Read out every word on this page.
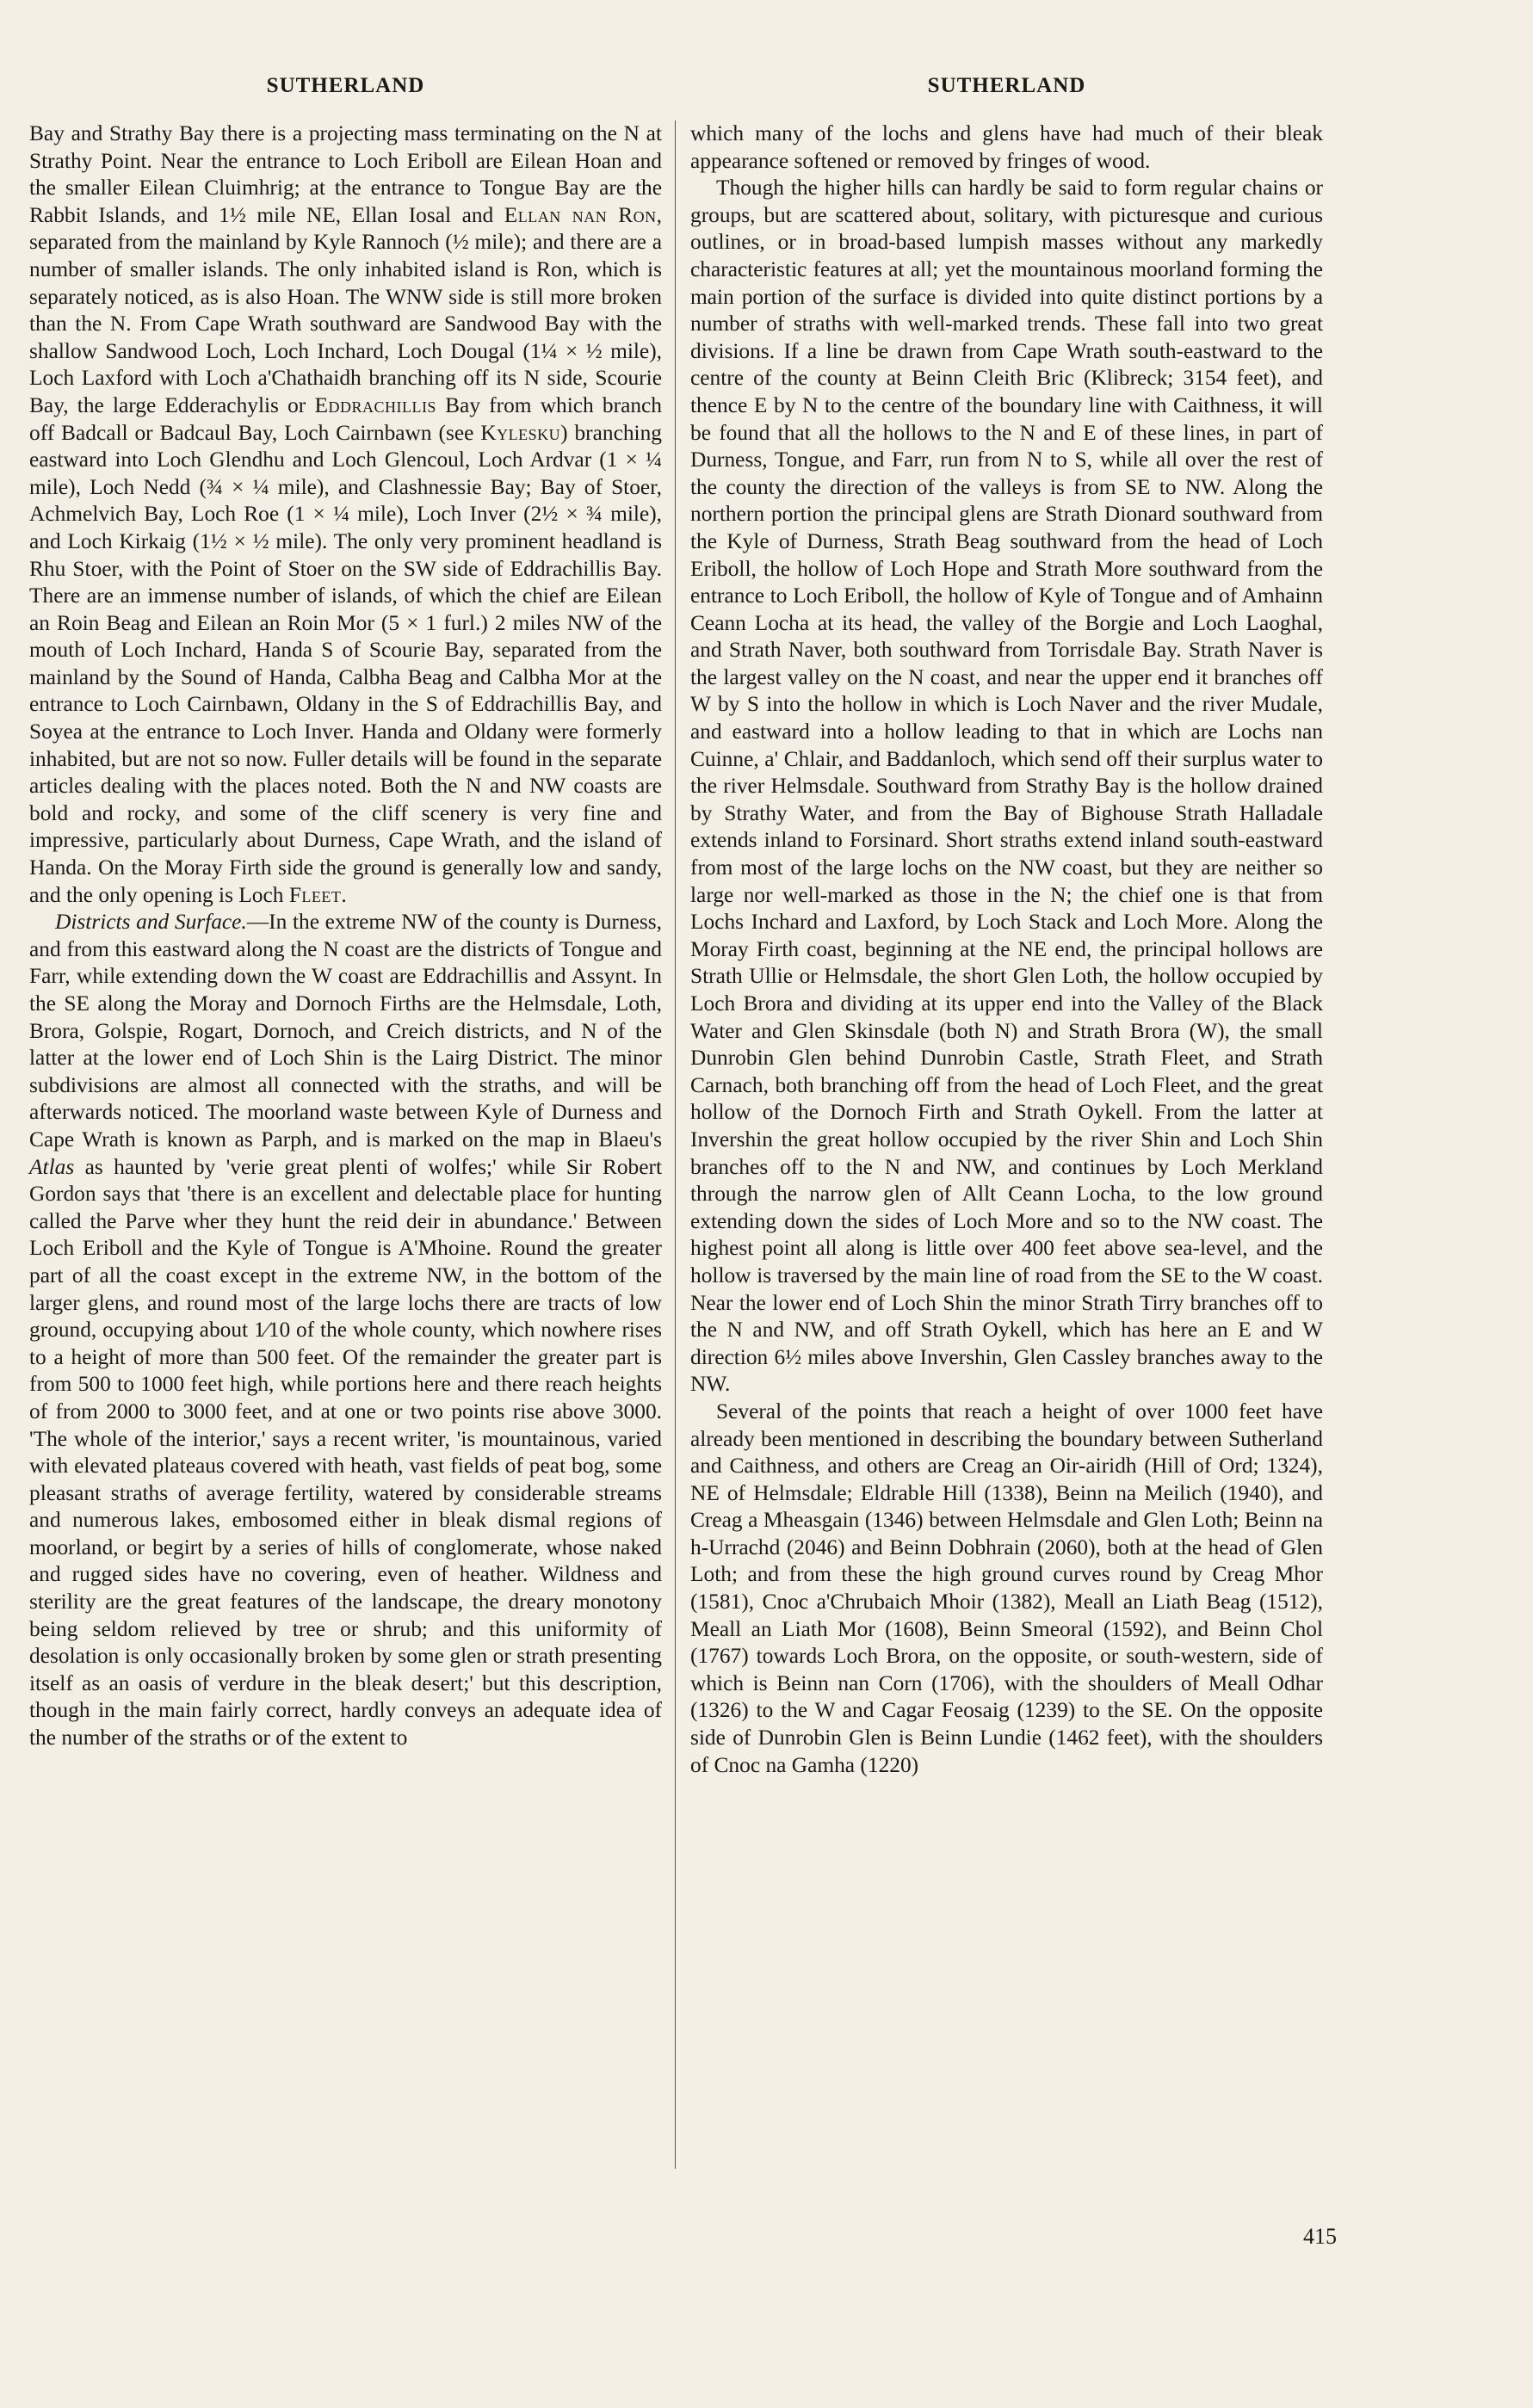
SUTHERLAND	SUTHERLAND

Bay and Strathy Bay there is a projecting mass terminating on the N at Strathy Point. Near the entrance to Loch Eriboll are Eilean Hoan and the smaller Eilean Cluimhrig; at the entrance to Tongue Bay are the Rabbit Islands, and 1½ mile NE, Ellan Iosal and Ellan nan Ron, separated from the mainland by Kyle Rannoch (½ mile); and there are a number of smaller islands. The only inhabited island is Ron, which is separately noticed, as is also Hoan. The WNW side is still more broken than the N. From Cape Wrath southward are Sandwood Bay with the shallow Sandwood Loch, Loch Inchard, Loch Dougal (1¼ × ½ mile), Loch Laxford with Loch a'Chathaidh branching off its N side, Scourie Bay, the large Edderachylis or Eddrachillis Bay from which branch off Badcall or Badcaul Bay, Loch Cairnbawn (see Kylesku) branching eastward into Loch Glendhu and Loch Glencoul, Loch Ardvar (1 × ¼ mile), Loch Nedd (¾ × ¼ mile), and Clashnessie Bay; Bay of Stoer, Achmelvich Bay, Loch Roe (1 × ¼ mile), Loch Inver (2½ × ¾ mile), and Loch Kirkaig (1½ × ½ mile). The only very prominent headland is Rhu Stoer, with the Point of Stoer on the SW side of Eddrachillis Bay. There are an immense number of islands, of which the chief are Eilean an Roin Beag and Eilean an Roin Mor (5 × 1 furl.) 2 miles NW of the mouth of Loch Inchard, Handa S of Scourie Bay, separated from the mainland by the Sound of Handa, Calbha Beag and Calbha Mor at the entrance to Loch Cairnbawn, Oldany in the S of Eddrachillis Bay, and Soyea at the entrance to Loch Inver. Handa and Oldany were formerly inhabited, but are not so now. Fuller details will be found in the separate articles dealing with the places noted. Both the N and NW coasts are bold and rocky, and some of the cliff scenery is very fine and impressive, particularly about Durness, Cape Wrath, and the island of Handa. On the Moray Firth side the ground is generally low and sandy, and the only opening is Loch Fleet.

Districts and Surface.—In the extreme NW of the county is Durness, and from this eastward along the N coast are the districts of Tongue and Farr, while extending down the W coast are Eddrachillis and Assynt. In the SE along the Moray and Dornoch Firths are the Helmsdale, Loth, Brora, Golspie, Rogart, Dornoch, and Creich districts, and N of the latter at the lower end of Loch Shin is the Lairg District. The minor subdivisions are almost all connected with the straths, and will be afterwards noticed. The moorland waste between Kyle of Durness and Cape Wrath is known as Parph, and is marked on the map in Blaeu's Atlas as haunted by 'verie great plenti of wolfes;' while Sir Robert Gordon says that 'there is an excellent and delectable place for hunting called the Parve wher they hunt the reid deir in abundance.' Between Loch Eriboll and the Kyle of Tongue is A'Mhoine. Round the greater part of all the coast except in the extreme NW, in the bottom of the larger glens, and round most of the large lochs there are tracts of low ground, occupying about 1⁄10 of the whole county, which nowhere rises to a height of more than 500 feet. Of the remainder the greater part is from 500 to 1000 feet high, while portions here and there reach heights of from 2000 to 3000 feet, and at one or two points rise above 3000. 'The whole of the interior,' says a recent writer, 'is mountainous, varied with elevated plateaus covered with heath, vast fields of peat bog, some pleasant straths of average fertility, watered by considerable streams and numerous lakes, embosomed either in bleak dismal regions of moorland, or begirt by a series of hills of conglomerate, whose naked and rugged sides have no covering, even of heather. Wildness and sterility are the great features of the landscape, the dreary monotony being seldom relieved by tree or shrub; and this uniformity of desolation is only occasionally broken by some glen or strath presenting itself as an oasis of verdure in the bleak desert;' but this description, though in the main fairly correct, hardly conveys an adequate idea of the number of the straths or of the extent to

which many of the lochs and glens have had much of their bleak appearance softened or removed by fringes of wood.

Though the higher hills can hardly be said to form regular chains or groups, but are scattered about, solitary, with picturesque and curious outlines, or in broad-based lumpish masses without any markedly characteristic features at all; yet the mountainous moorland forming the main portion of the surface is divided into quite distinct portions by a number of straths with well-marked trends. These fall into two great divisions. If a line be drawn from Cape Wrath south-eastward to the centre of the county at Beinn Cleith Bric (Klibreck; 3154 feet), and thence E by N to the centre of the boundary line with Caithness, it will be found that all the hollows to the N and E of these lines, in part of Durness, Tongue, and Farr, run from N to S, while all over the rest of the county the direction of the valleys is from SE to NW. Along the northern portion the principal glens are Strath Dionard southward from the Kyle of Durness, Strath Beag southward from the head of Loch Eriboll, the hollow of Loch Hope and Strath More southward from the entrance to Loch Eriboll, the hollow of Kyle of Tongue and of Amhainn Ceann Locha at its head, the valley of the Borgie and Loch Laoghal, and Strath Naver, both southward from Torrisdale Bay. Strath Naver is the largest valley on the N coast, and near the upper end it branches off W by S into the hollow in which is Loch Naver and the river Mudale, and eastward into a hollow leading to that in which are Lochs nan Cuinne, a' Chlair, and Baddanloch, which send off their surplus water to the river Helmsdale. Southward from Strathy Bay is the hollow drained by Strathy Water, and from the Bay of Bighouse Strath Halladale extends inland to Forsinard. Short straths extend inland south-eastward from most of the large lochs on the NW coast, but they are neither so large nor well-marked as those in the N; the chief one is that from Lochs Inchard and Laxford, by Loch Stack and Loch More. Along the Moray Firth coast, beginning at the NE end, the principal hollows are Strath Ullie or Helmsdale, the short Glen Loth, the hollow occupied by Loch Brora and dividing at its upper end into the Valley of the Black Water and Glen Skinsdale (both N) and Strath Brora (W), the small Dunrobin Glen behind Dunrobin Castle, Strath Fleet, and Strath Carnach, both branching off from the head of Loch Fleet, and the great hollow of the Dornoch Firth and Strath Oykell. From the latter at Invershin the great hollow occupied by the river Shin and Loch Shin branches off to the N and NW, and continues by Loch Merkland through the narrow glen of Allt Ceann Locha, to the low ground extending down the sides of Loch More and so to the NW coast. The highest point all along is little over 400 feet above sea-level, and the hollow is traversed by the main line of road from the SE to the W coast. Near the lower end of Loch Shin the minor Strath Tirry branches off to the N and NW, and off Strath Oykell, which has here an E and W direction 6½ miles above Invershin, Glen Cassley branches away to the NW.

Several of the points that reach a height of over 1000 feet have already been mentioned in describing the boundary between Sutherland and Caithness, and others are Creag an Oir-airidh (Hill of Ord; 1324), NE of Helmsdale; Eldrable Hill (1338), Beinn na Meilich (1940), and Creag a Mheasgain (1346) between Helmsdale and Glen Loth; Beinn na h-Urrachd (2046) and Beinn Dobhrain (2060), both at the head of Glen Loth; and from these the high ground curves round by Creag Mhor (1581), Cnoc a'Chrubaich Mhoir (1382), Meall an Liath Beag (1512), Meall an Liath Mor (1608), Beinn Smeoral (1592), and Beinn Chol (1767) towards Loch Brora, on the opposite, or south-western, side of which is Beinn nan Corn (1706), with the shoulders of Meall Odhar (1326) to the W and Cagar Feosaig (1239) to the SE. On the opposite side of Dunrobin Glen is Beinn Lundie (1462 feet), with the shoulders of Cnoc na Gamha (1220)

415
